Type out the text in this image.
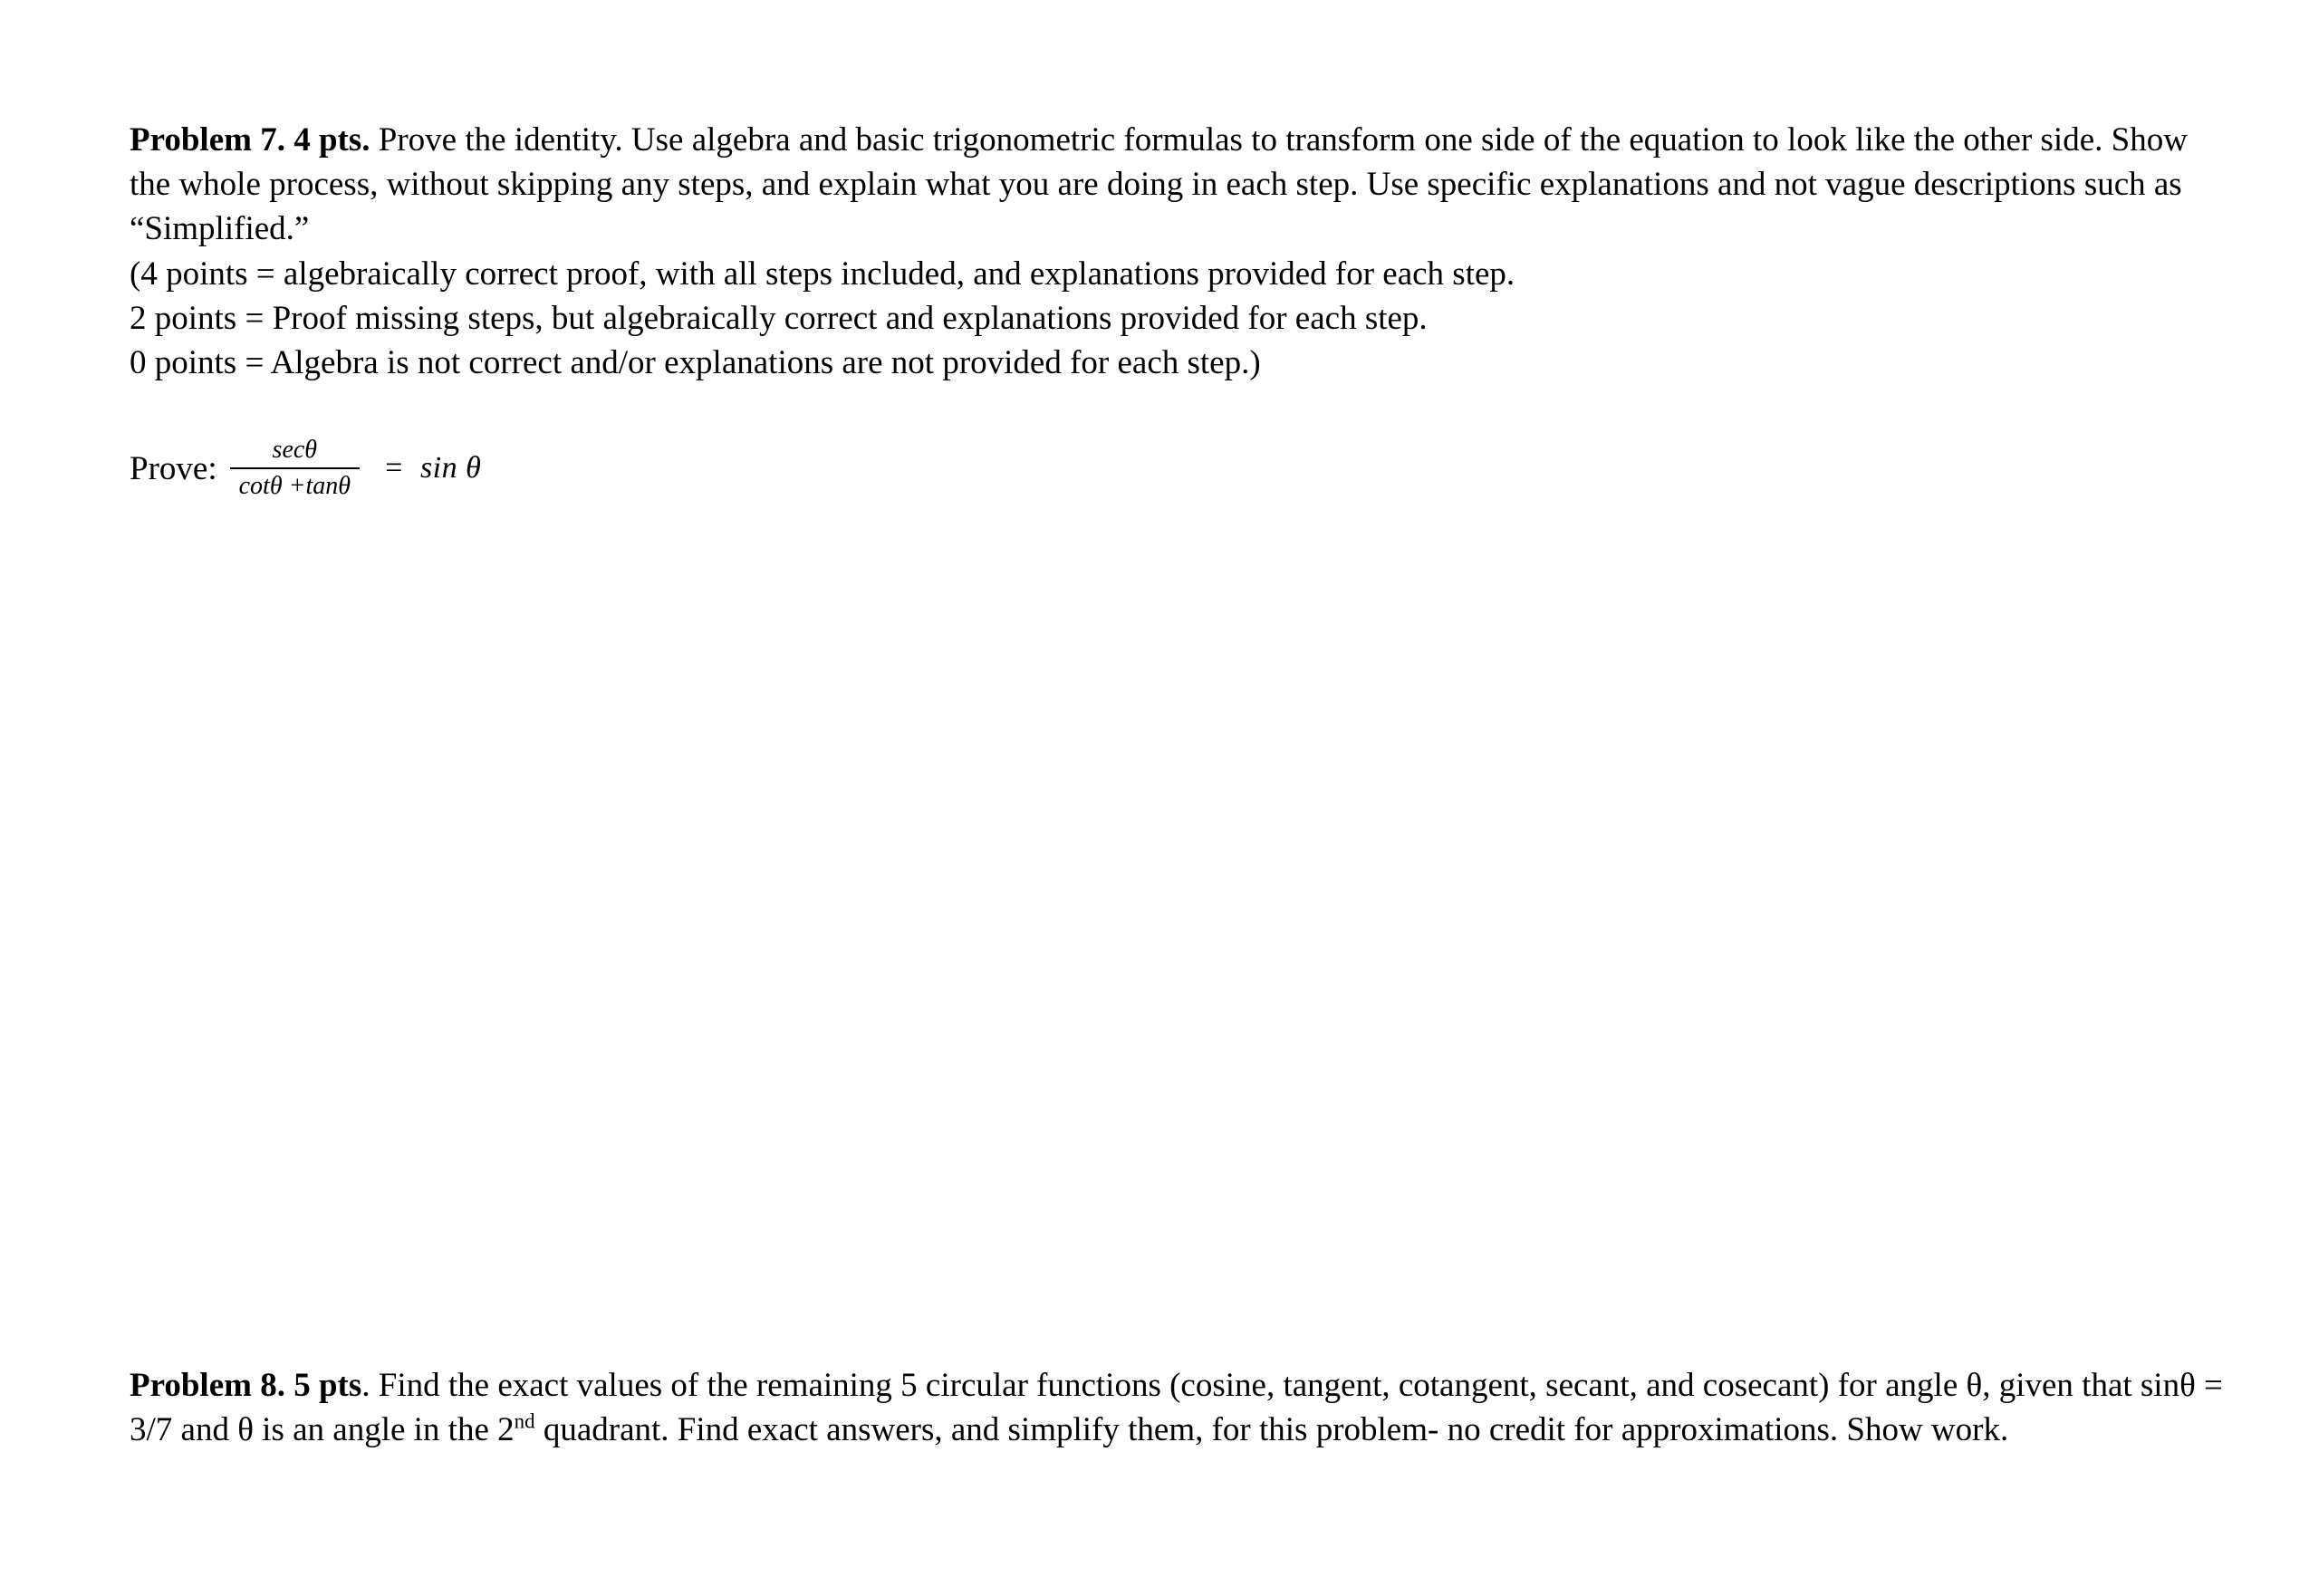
Problem 7. 4 pts. Prove the identity. Use algebra and basic trigonometric formulas to transform one side of the equation to look like the other side. Show the whole process, without skipping any steps, and explain what you are doing in each step. Use specific explanations and not vague descriptions such as “Simplified.”

(4 points = algebraically correct proof, with all steps included, and explanations provided for each step.

2 points = Proof missing steps, but algebraically correct and explanations provided for each step.

0 points = Algebra is not correct and/or explanations are not provided for each step.)

Prove: $\frac{\sec\theta}{\cot\theta +\tan\theta} = \sin \theta$

Problem 8. 5 pts. Find the exact values of the remaining 5 circular functions (cosine, tangent, cotangent, secant, and cosecant) for angle θ, given that sinθ = 3/7 and θ is an angle in the 2nd quadrant. Find exact answers, and simplify them, for this problem- no credit for approximations. Show work.
